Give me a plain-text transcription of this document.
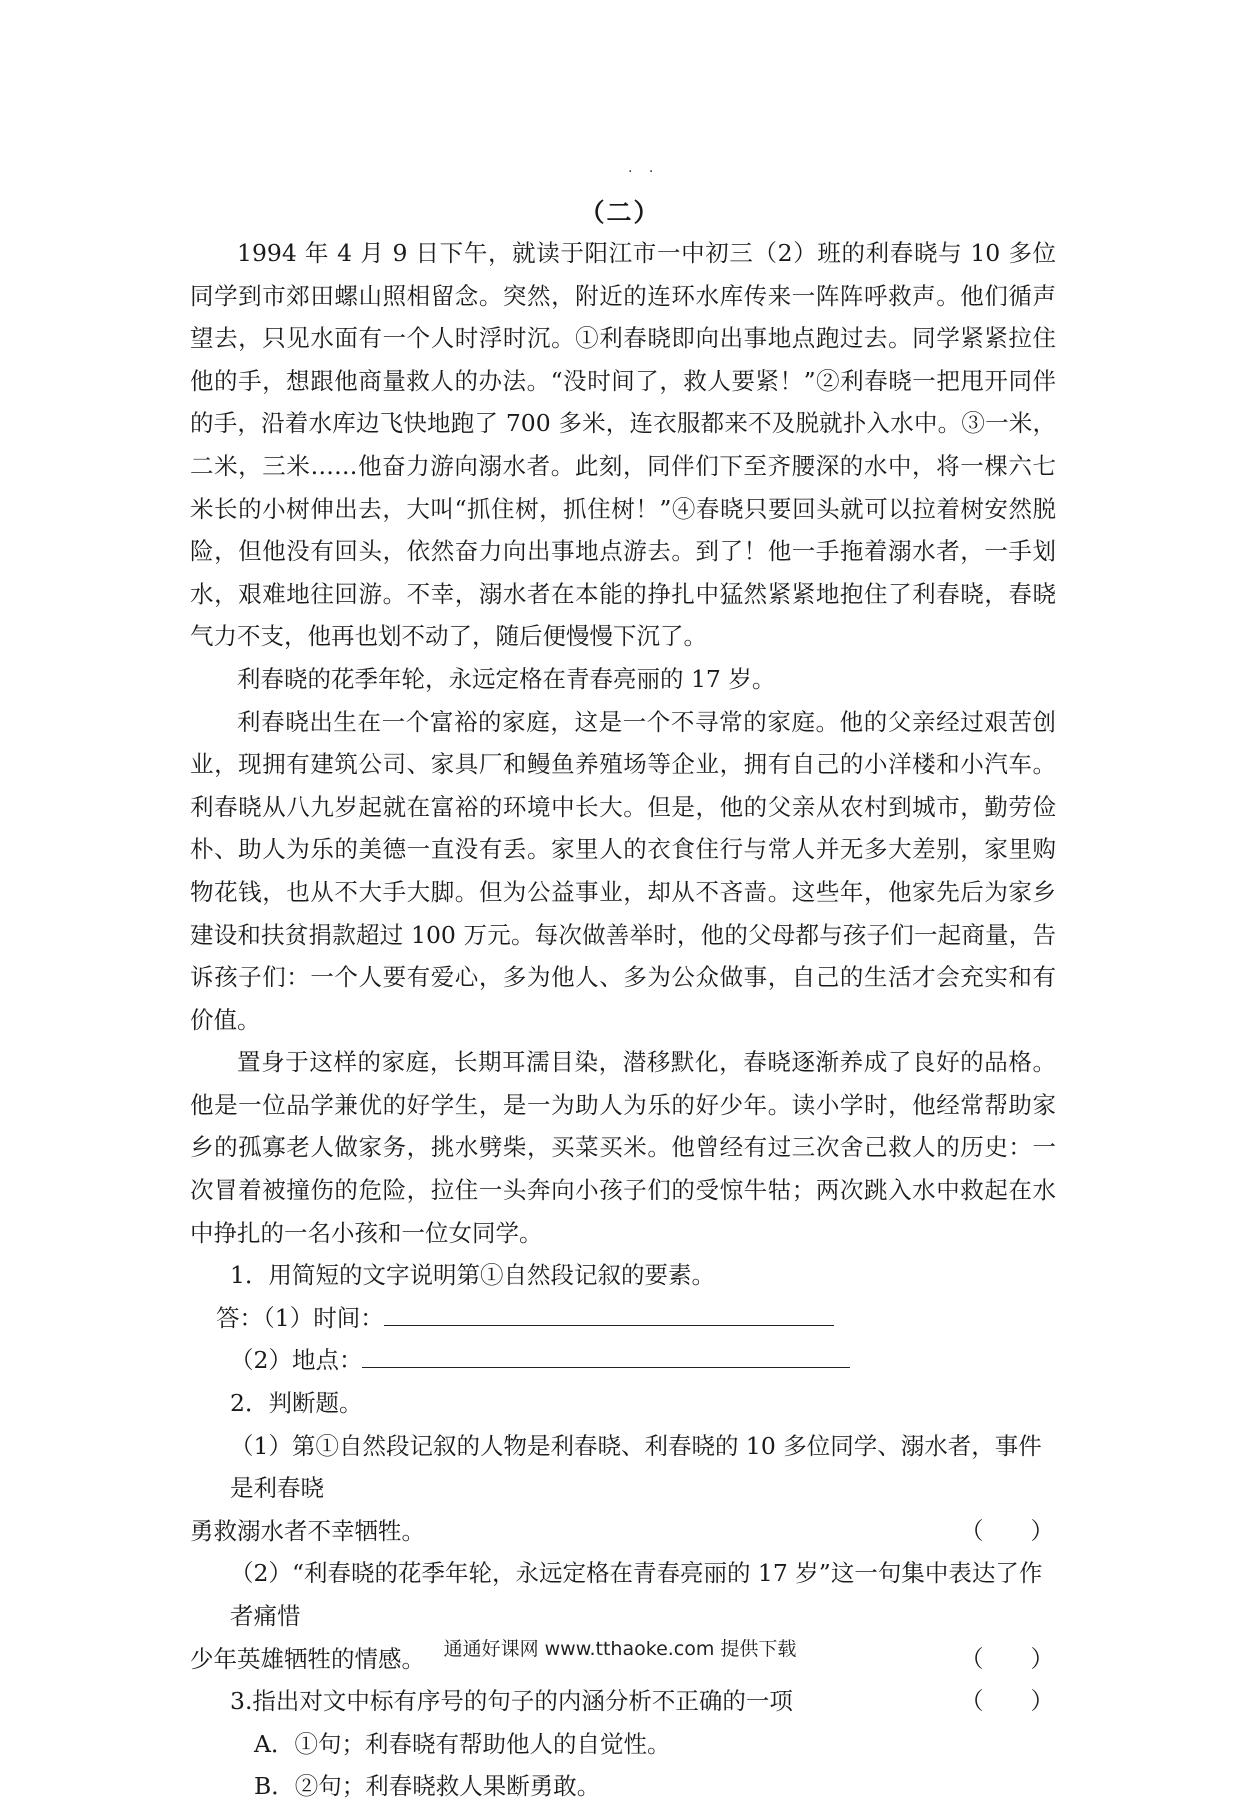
. .
（二）

1994 年 4 月 9 日下午，就读于阳江市一中初三（2）班的利春晓与 10 多位同学到市郊田螺山照相留念。突然，附近的连环水库传来一阵阵呼救声。他们循声望去，只见水面有一个人时浮时沉。①利春晓即向出事地点跑过去。同学紧紧拉住他的手，想跟他商量救人的办法。“没时间了，救人要紧！”②利春晓一把甩开同伴的手，沿着水库边飞快地跑了 700 多米，连衣服都来不及脱就扑入水中。③一米，二米，三米……他奋力游向溺水者。此刻，同伴们下至齐腰深的水中，将一棵六七米长的小树伸出去，大叫“抓住树，抓住树！”④春晓只要回头就可以拉着树安然脱险，但他没有回头，依然奋力向出事地点游去。到了！他一手拖着溺水者，一手划水，艰难地往回游。不幸，溺水者在本能的挣扎中猛然紧紧地抱住了利春晓，春晓气力不支，他再也划不动了，随后便慢慢下沉了。

利春晓的花季年轮，永远定格在青春亮丽的 17 岁。

利春晓出生在一个富裕的家庭，这是一个不寻常的家庭。他的父亲经过艰苦创业，现拥有建筑公司、家具厂和鳗鱼养殖场等企业，拥有自己的小洋楼和小汽车。利春晓从八九岁起就在富裕的环境中长大。但是，他的父亲从农村到城市，勤劳俭朴、助人为乐的美德一直没有丢。家里人的衣食住行与常人并无多大差别，家里购物花钱，也从不大手大脚。但为公益事业，却从不吝啬。这些年，他家先后为家乡建设和扶贫捐款超过 100 万元。每次做善举时，他的父母都与孩子们一起商量，告诉孩子们：一个人要有爱心，多为他人、多为公众做事，自己的生活才会充实和有价值。

置身于这样的家庭，长期耳濡目染，潜移默化，春晓逐渐养成了良好的品格。他是一位品学兼优的好学生，是一为助人为乐的好少年。读小学时，他经常帮助家乡的孤寡老人做家务，挑水劈柴，买菜买米。他曾经有过三次舍己救人的历史：一次冒着被撞伤的危险，拉住一头奔向小孩子们的受惊牛牯；两次跳入水中救起在水中挣扎的一名小孩和一位女同学。

1．用简短的文字说明第①自然段记叙的要素。
答：（1）时间：
（2）地点：
2．判断题。
（1）第①自然段记叙的人物是利春晓、利春晓的 10 多位同学、溺水者，事件是利春晓
勇救溺水者不幸牺牲。	（　　）
（2）“利春晓的花季年轮，永远定格在青春亮丽的 17 岁”这一句集中表达了作者痛惜
少年英雄牺牲的情感。	（　　）
3.指出对文中标有序号的句子的内涵分析不正确的一项	（　　）
A．①句；利春晓有帮助他人的自觉性。
B．②句；利春晓救人果断勇敢。
通通好课网 www.tthaoke.com 提供下载
